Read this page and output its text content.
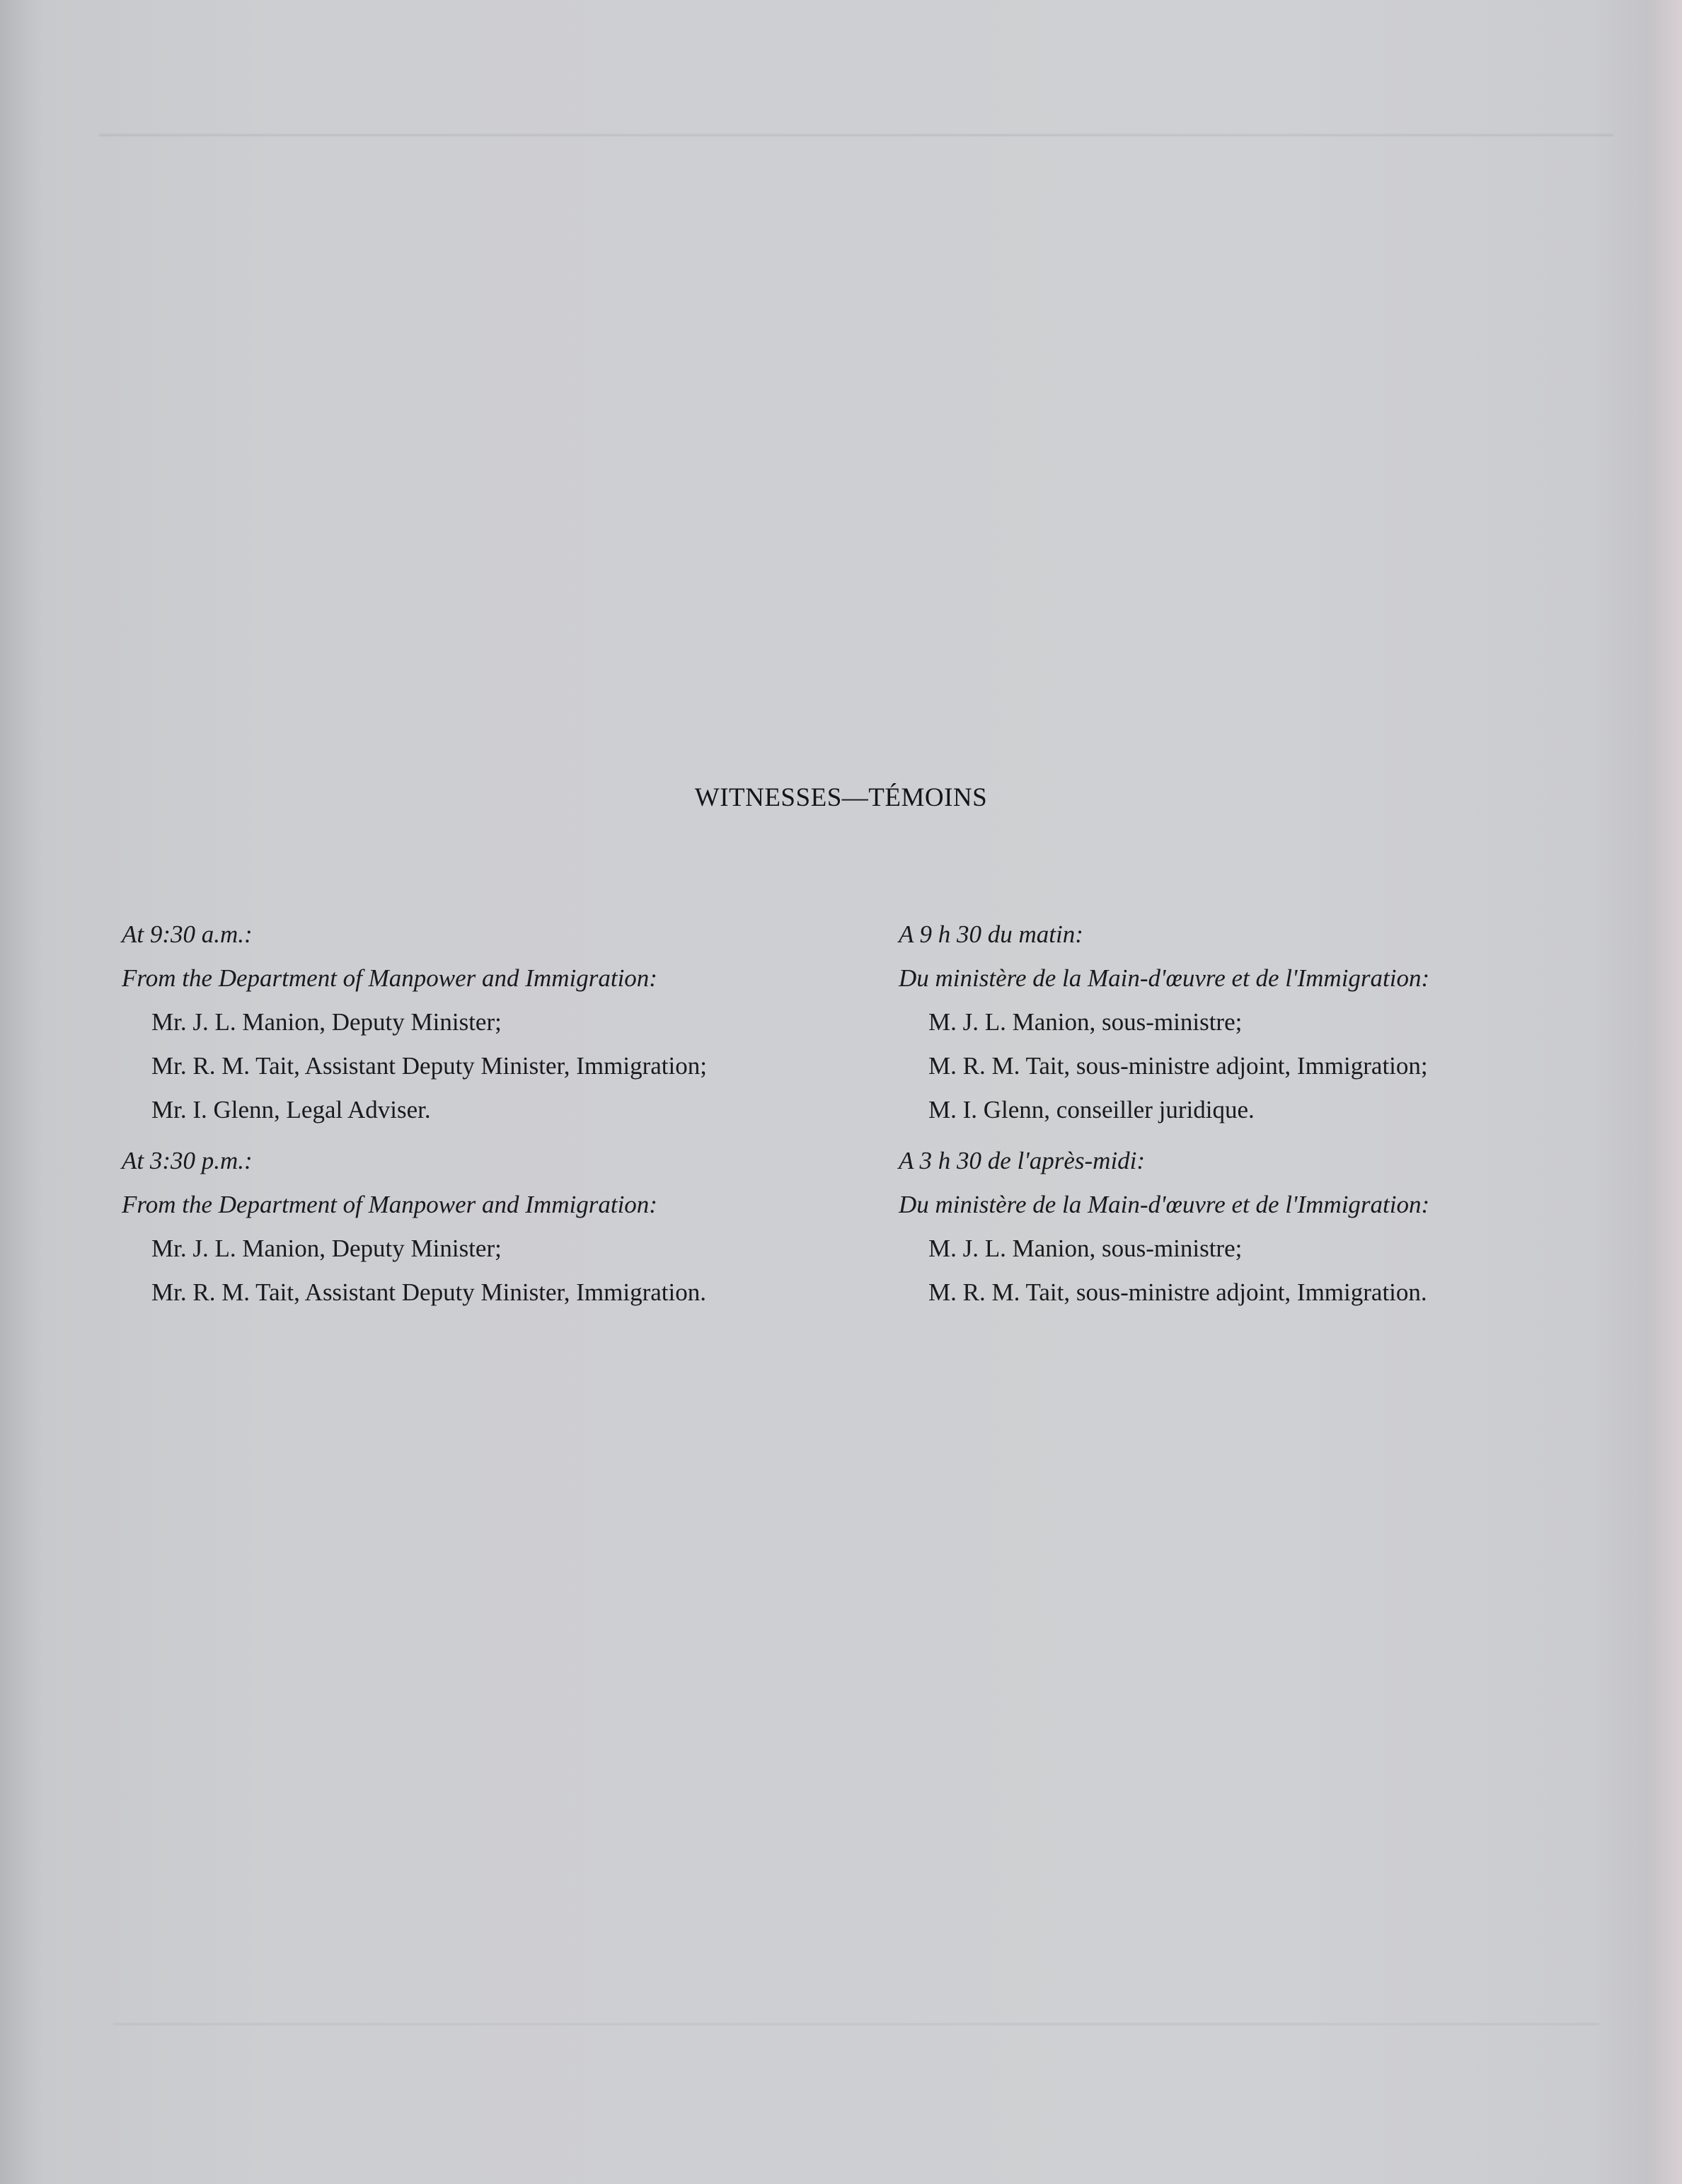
WITNESSES—TÉMOINS

At 9:30 a.m.:

From the Department of Manpower and Immigration:

Mr. J. L. Manion, Deputy Minister;

Mr. R. M. Tait, Assistant Deputy Minister, Immigration;

Mr. I. Glenn, Legal Adviser.

At 3:30 p.m.:

From the Department of Manpower and Immigration:

Mr. J. L. Manion, Deputy Minister;

Mr. R. M. Tait, Assistant Deputy Minister, Immigration.

A 9 h 30 du matin:

Du ministère de la Main-d'œuvre et de l'Immigration:

M. J. L. Manion, sous-ministre;

M. R. M. Tait, sous-ministre adjoint, Immigration;

M. I. Glenn, conseiller juridique.

A 3 h 30 de l'après-midi:

Du ministère de la Main-d'œuvre et de l'Immigration:

M. J. L. Manion, sous-ministre;

M. R. M. Tait, sous-ministre adjoint, Immigration.
